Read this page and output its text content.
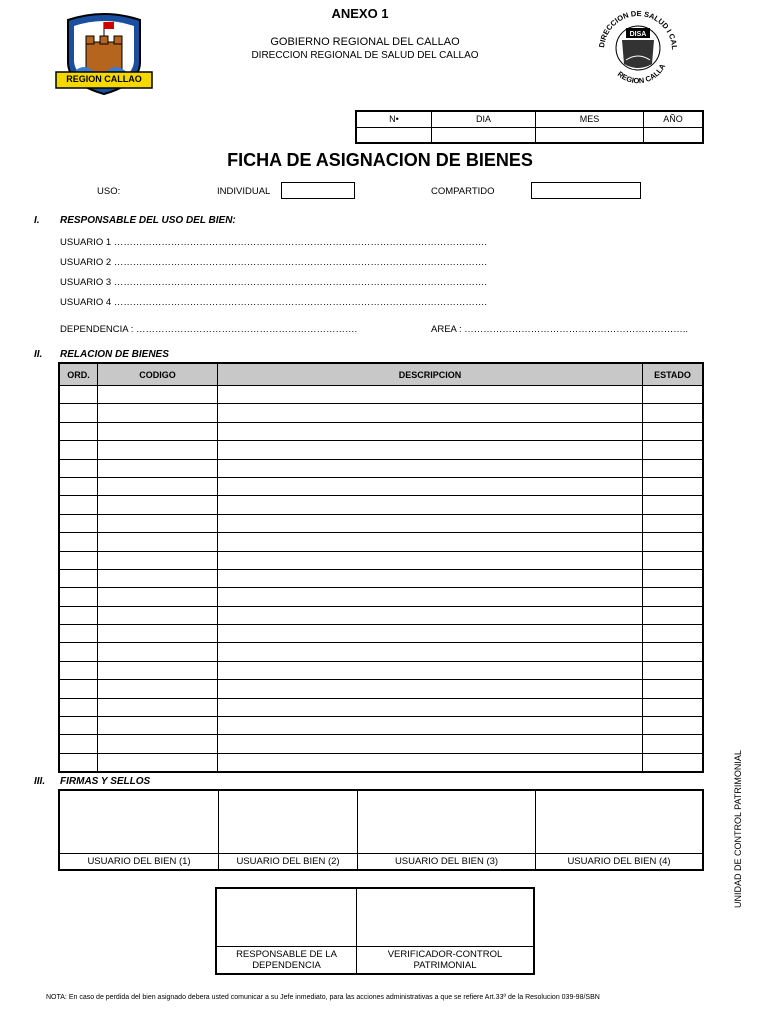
REGION CALLAO
ANEXO 1
GOBIERNO REGIONAL DEL CALLAO
DIRECCION REGIONAL DE SALUD DEL CALLAO
DIRECCION DE SALUD I CAL
REGION CALLA
DISA
N•	DIA	MES	AÑO

FICHA DE ASIGNACION DE BIENES
USO:	INDIVIDUAL	COMPARTIDO
I. RESPONSABLE DEL USO DEL BIEN:
USUARIO 1 ……………………………………………………………………………………………………….
USUARIO 2 ……………………………………………………………………………………………………….
USUARIO 3 ……………………………………………………………………………………………………….
USUARIO 4 ……………………………………………………………………………………………………….
DEPENDENCIA : …………………………………………………………….	AREA : ……………………………………………………………..
II. RELACION DE BIENES
ORD.	CODIGO	DESCRIPCION	ESTADO

III. FIRMAS Y SELLOS

USUARIO DEL BIEN (1)	USUARIO DEL BIEN (2)	USUARIO DEL BIEN (3)	USUARIO DEL BIEN (4)

RESPONSABLE DE LA DEPENDENCIA	VERIFICADOR-CONTROL PATRIMONIAL
UNIDAD DE CONTROL PATRIMONIAL
NOTA: En caso de perdida del bien asignado debera usted comunicar a su Jefe inmediato, para las acciones administrativas a que se refiere Art.33º de la Resolucion 039-98/SBN
